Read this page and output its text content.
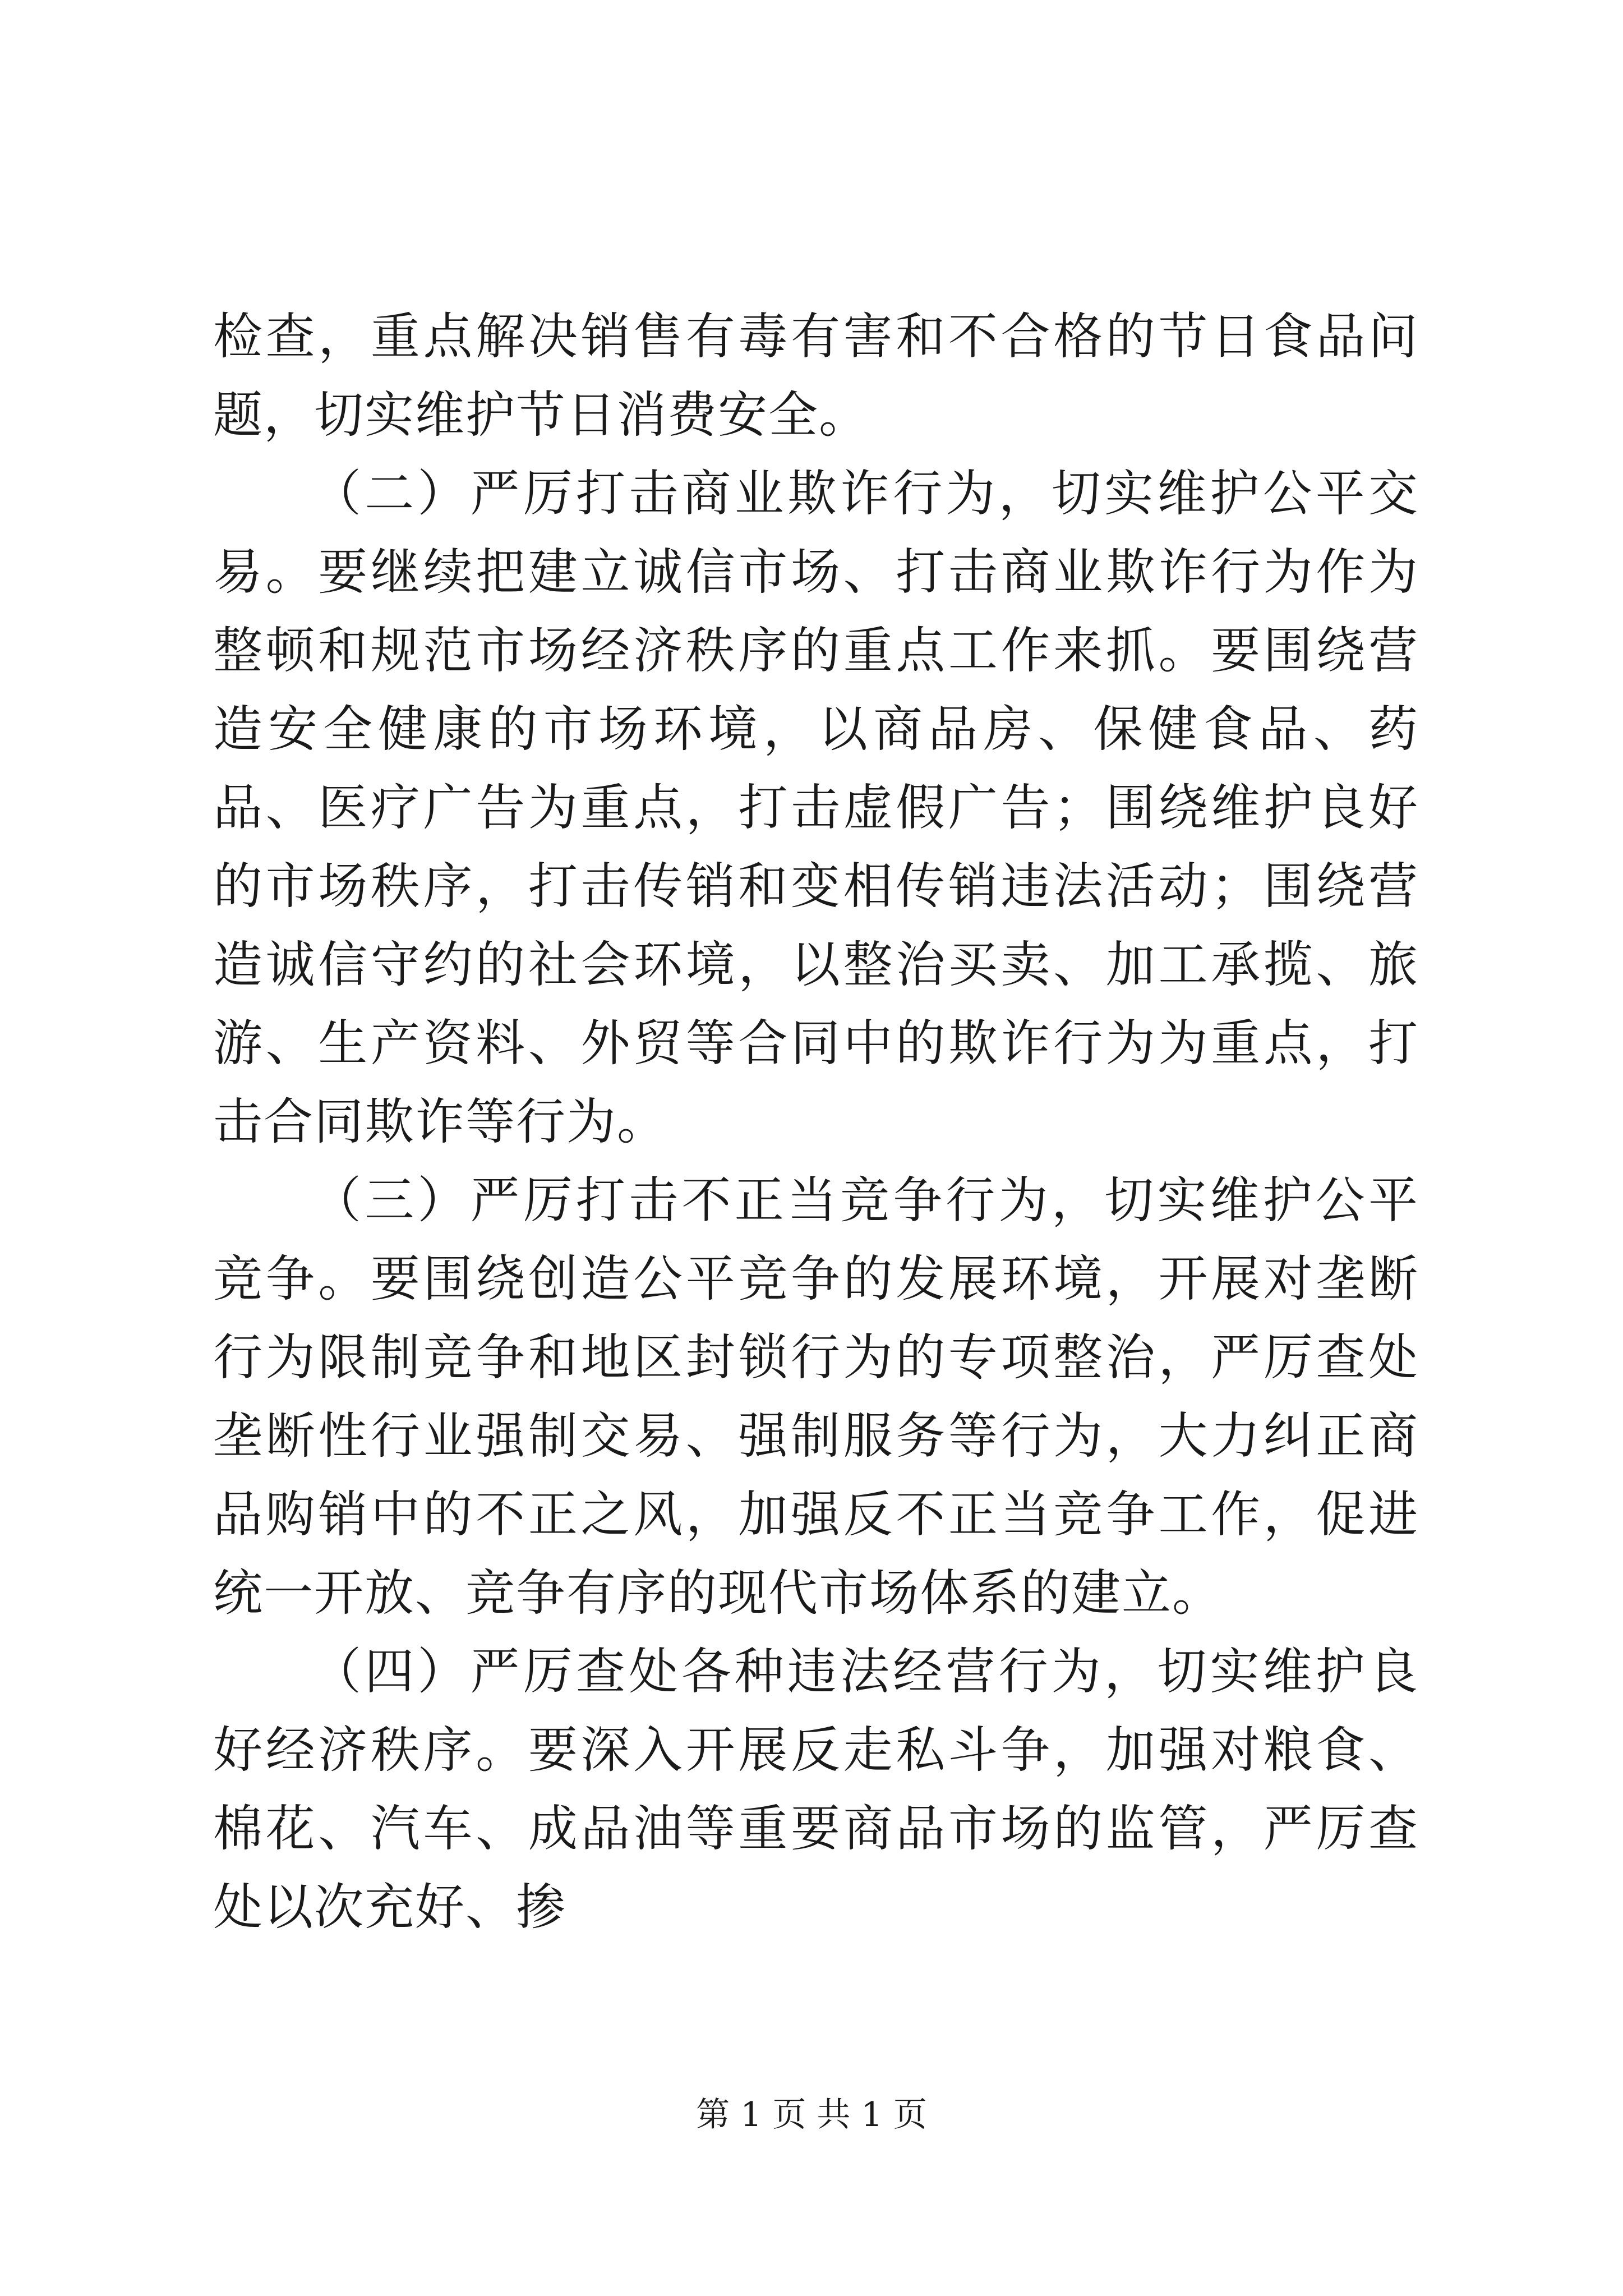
检查，重点解决销售有毒有害和不合格的节日食品问题，切实维护节日消费安全。

（二）严厉打击商业欺诈行为，切实维护公平交易。要继续把建立诚信市场、打击商业欺诈行为作为整顿和规范市场经济秩序的重点工作来抓。要围绕营造安全健康的市场环境，以商品房、保健食品、药品、医疗广告为重点，打击虚假广告；围绕维护良好的市场秩序，打击传销和变相传销违法活动；围绕营造诚信守约的社会环境，以整治买卖、加工承揽、旅游、生产资料、外贸等合同中的欺诈行为为重点，打击合同欺诈等行为。

（三）严厉打击不正当竞争行为，切实维护公平竞争。要围绕创造公平竞争的发展环境，开展对垄断行为限制竞争和地区封锁行为的专项整治，严厉查处垄断性行业强制交易、强制服务等行为，大力纠正商品购销中的不正之风，加强反不正当竞争工作，促进统一开放、竞争有序的现代市场体系的建立。

（四）严厉查处各种违法经营行为，切实维护良好经济秩序。要深入开展反走私斗争，加强对粮食、棉花、汽车、成品油等重要商品市场的监管，严厉查处以次充好、掺

第 1 页 共 1 页
